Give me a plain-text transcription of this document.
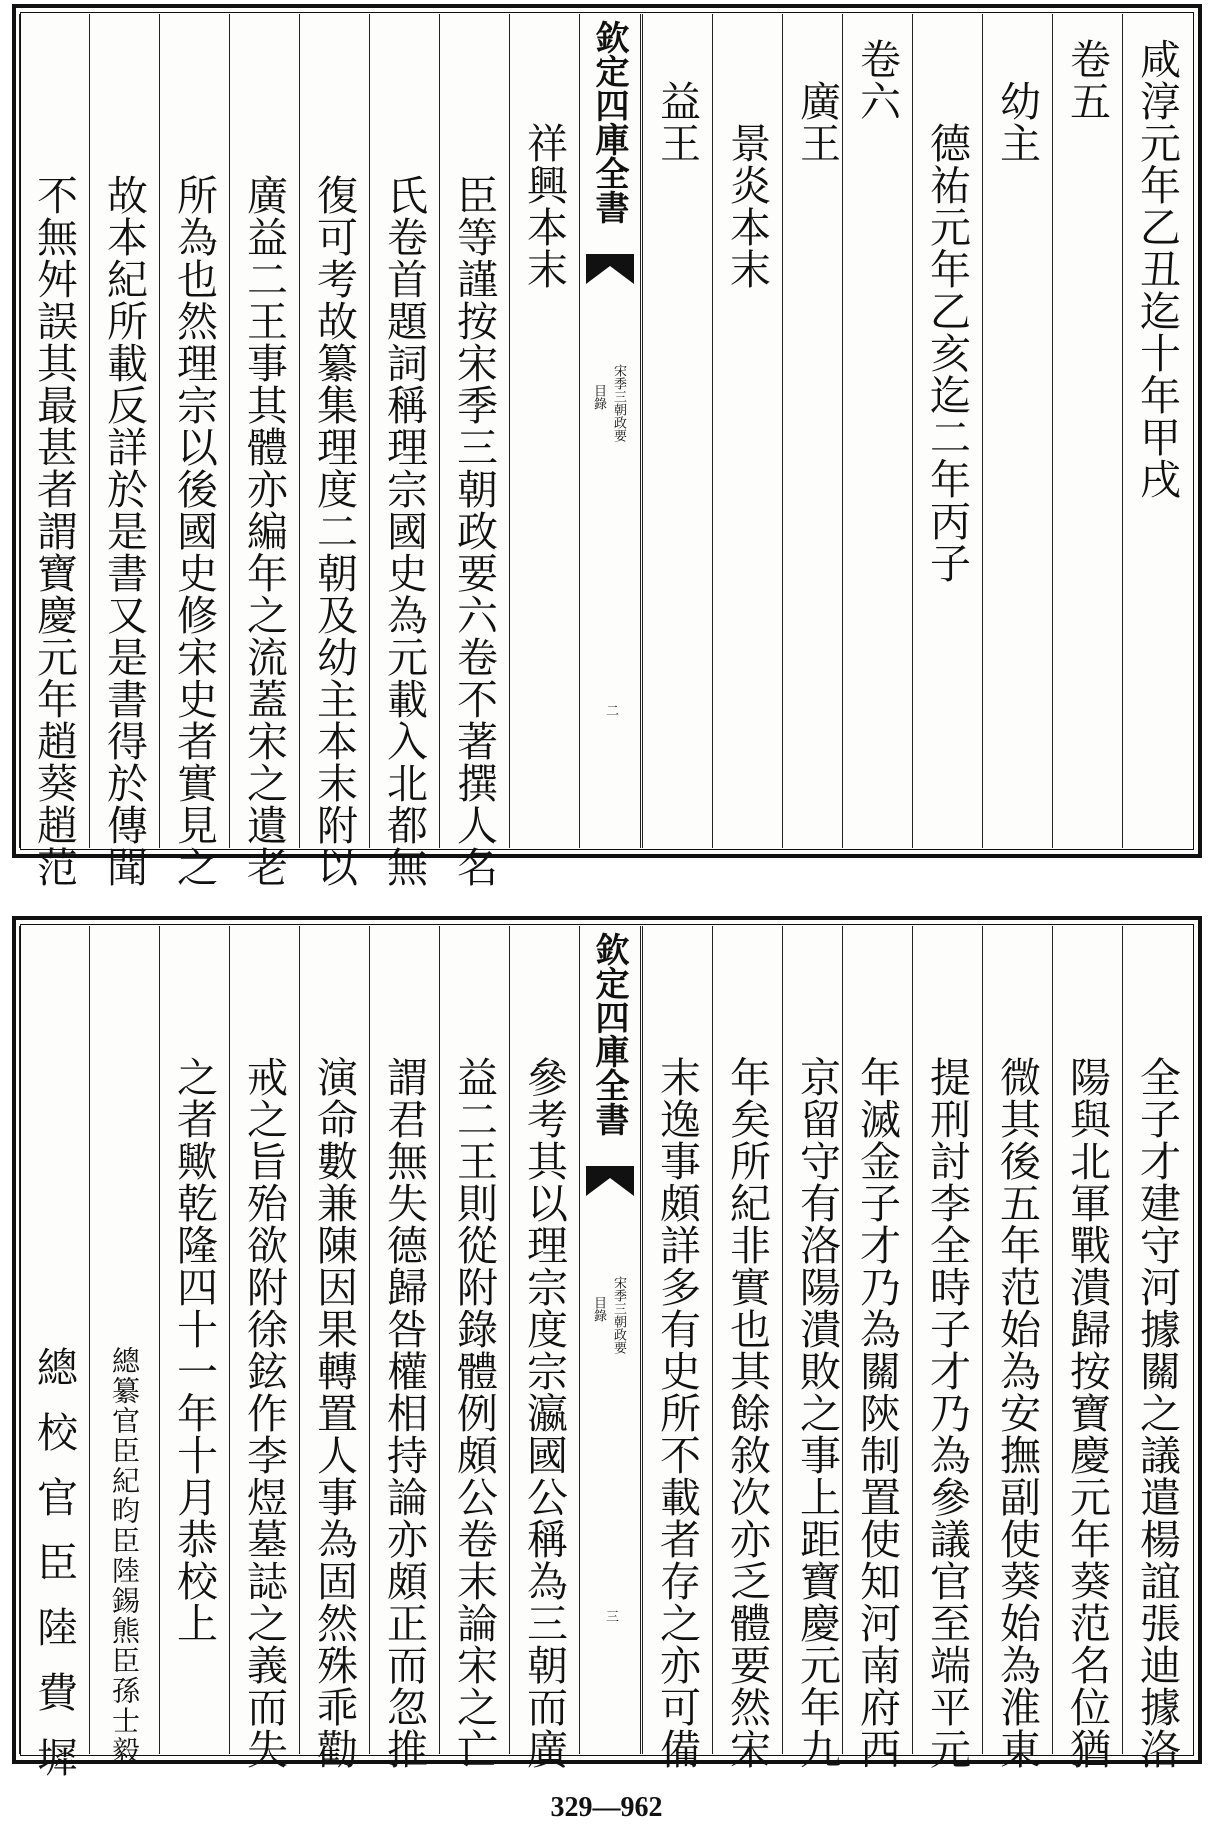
咸淳元年乙丑迄十年甲戌
卷五
幼主
德祐元年乙亥迄二年丙子
卷六
廣王
景炎本末
益王
欽定四庫全書
宋季三朝政要
目錄
二
祥興本末
臣等謹按宋季三朝政要六卷不著撰人名
氏卷首題詞稱理宗國史為元載入北都無
復可考故纂集理度二朝及幼主本末附以
廣益二王事其體亦編年之流蓋宋之遺老
所為也然理宗以後國史修宋史者實見之
故本紀所載反詳於是書又是書得於傳聞
不無舛誤其最甚者謂寶慶元年趙葵趙范
全子才建守河據關之議遣楊誼張迪據洛
陽與北軍戰潰歸按寶慶元年葵范名位猶
微其後五年范始為安撫副使葵始為淮東
提刑討李全時子才乃為參議官至端平元
年滅金子才乃為關陝制置使知河南府西
京留守有洛陽潰敗之事上距寶慶元年九
年矣所紀非實也其餘敘次亦乏體要然宋
末逸事頗詳多有史所不載者存之亦可備
欽定四庫全書
宋季三朝政要
目錄
三
參考其以理宗度宗瀛國公稱為三朝而廣
益二王則從附錄體例頗公卷末論宋之亡
謂君無失德歸咎權相持論亦頗正而忽推
演命數兼陳因果轉置人事為固然殊乖勸
戒之旨殆欲附徐鉉作李煜墓誌之義而失
之者歟乾隆四十一年十月恭校上
總纂官臣紀昀臣陸錫熊臣孫士毅
總校官臣陸費墀
329—962
